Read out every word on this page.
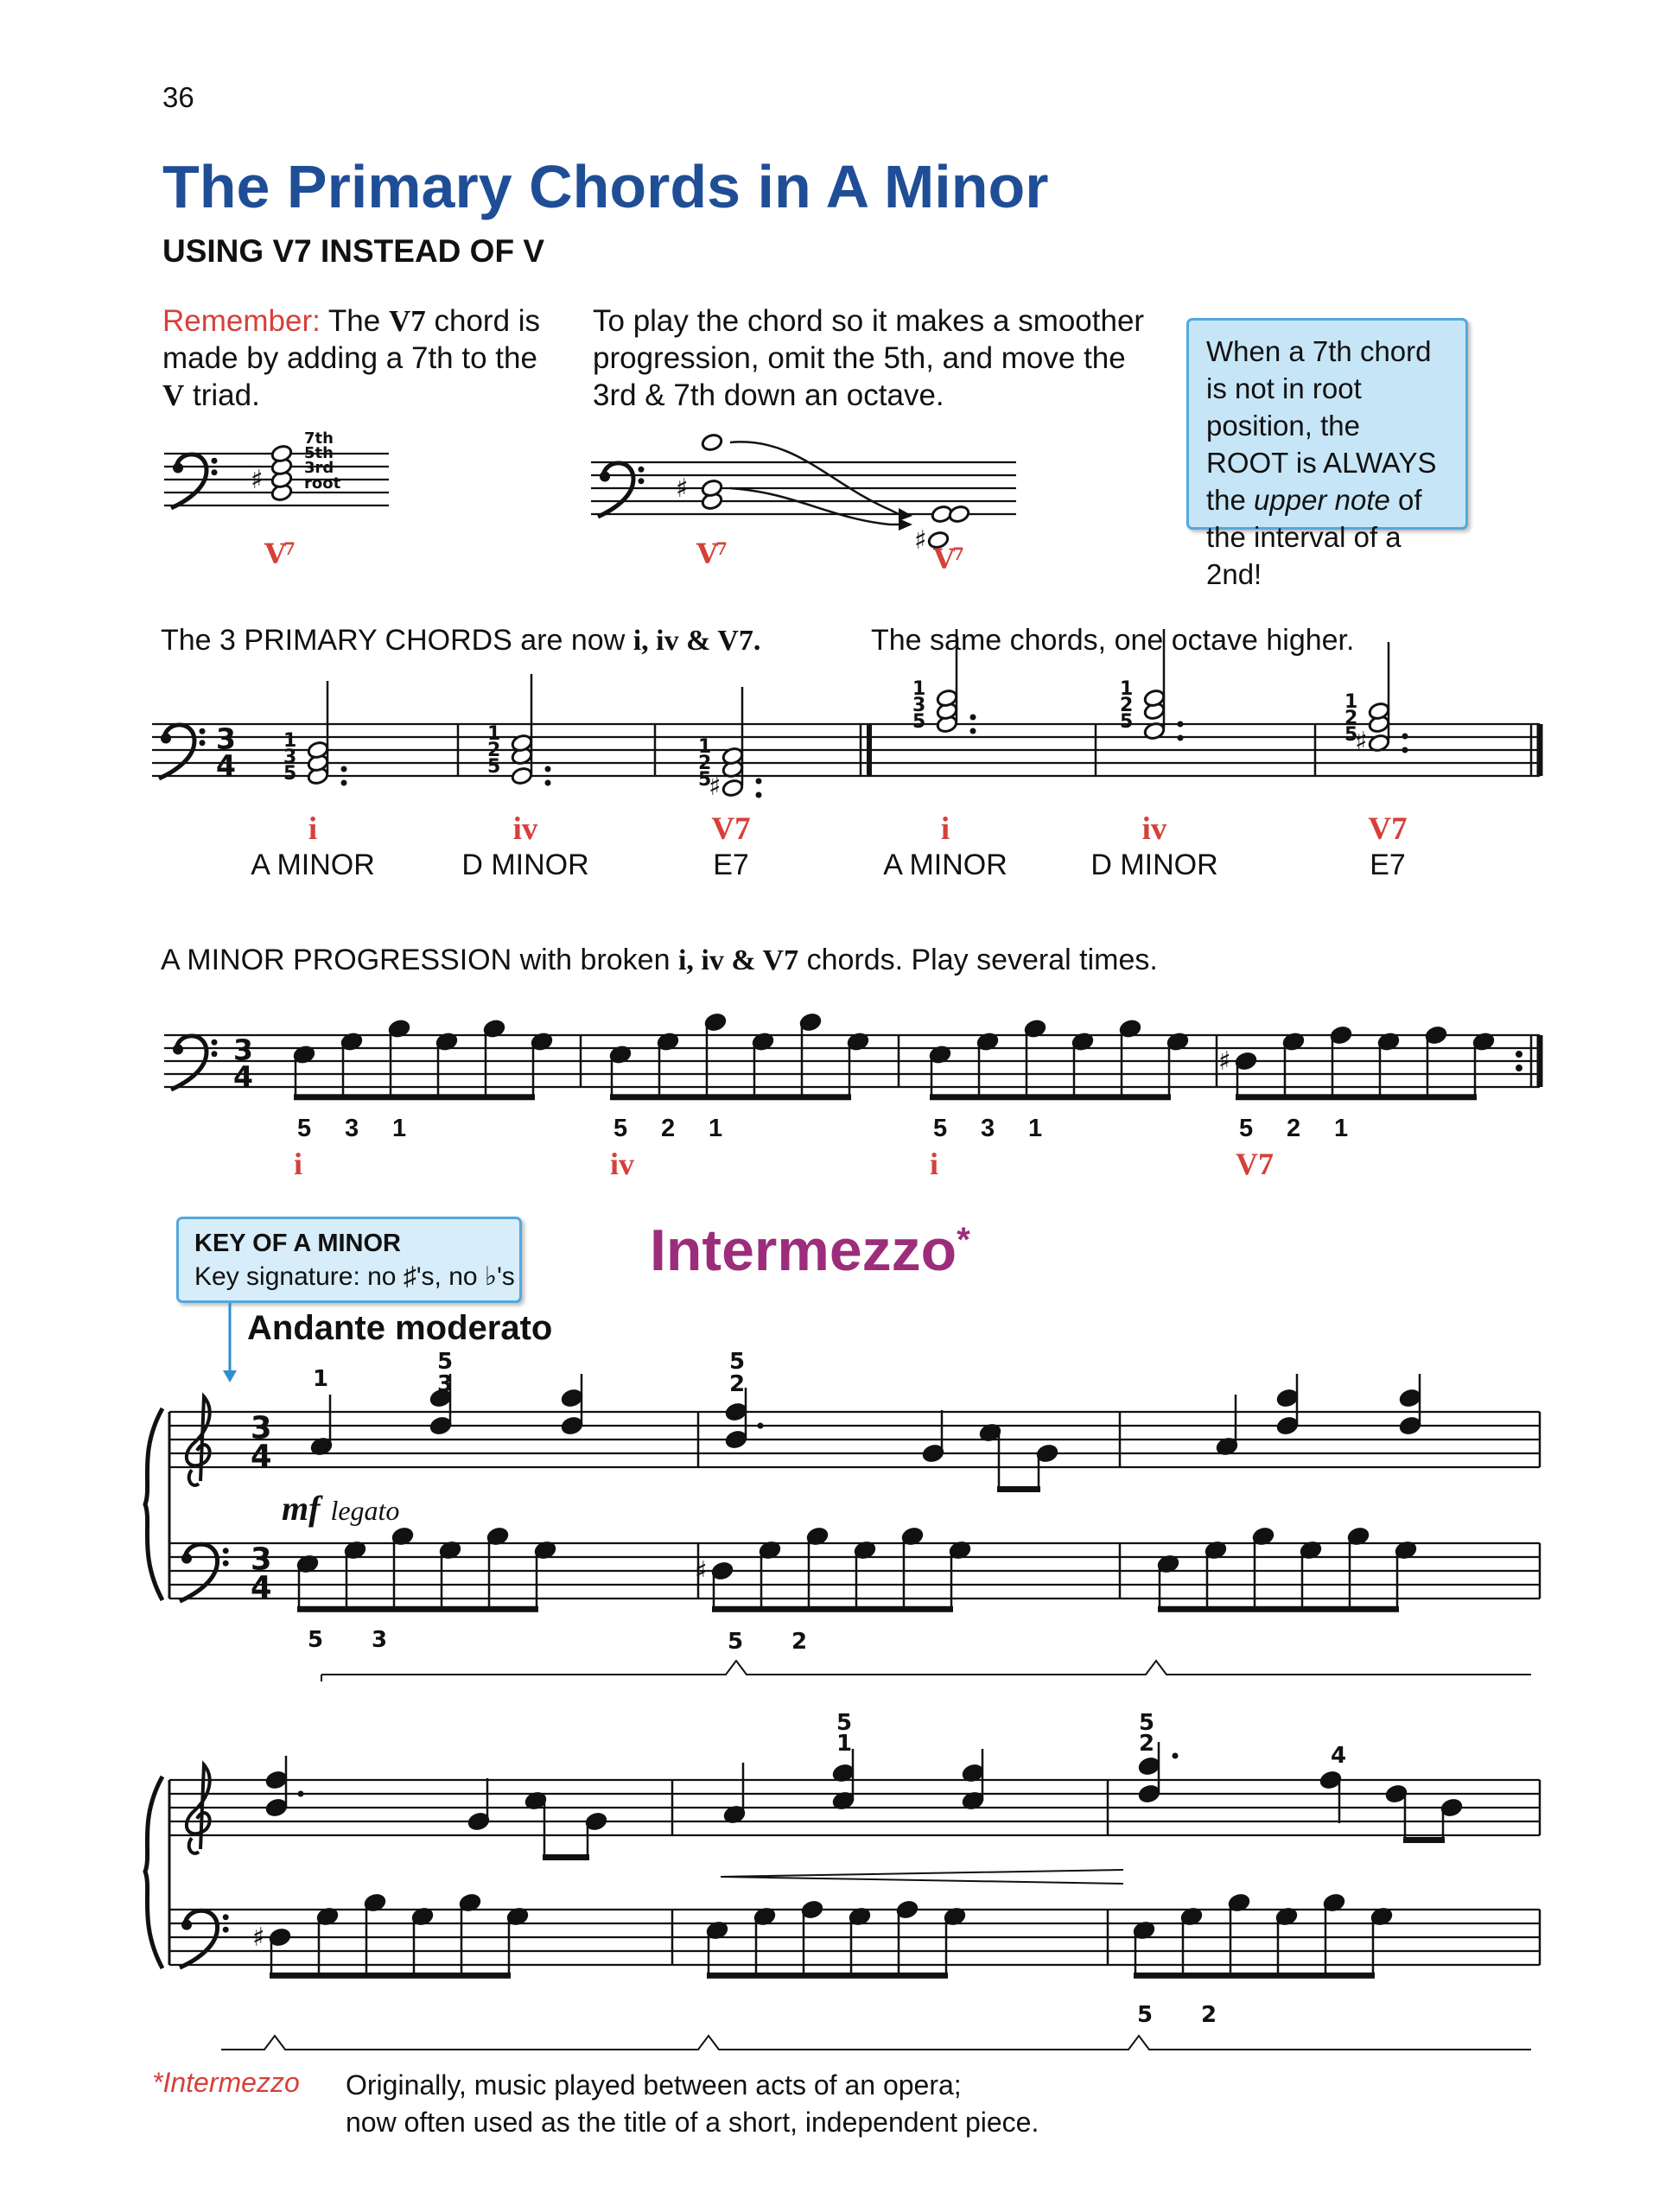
36
The Primary Chords in A Minor
USING V7 INSTEAD OF V
Remember: The V7 chord is made by adding a 7th to the V triad.
To play the chord so it makes a smoother progression, omit the 5th, and move the 3rd & 7th down an octave.
When a 7th chord is not in root position, the ROOT is ALWAYS the upper note of the interval of a 2nd!
The 3 PRIMARY CHORDS are now i, iv & V7.	The same chords, one octave higher.
i
A MINOR
iv
D MINOR
V7
E7
i
A MINOR
iv
D MINOR
V7
E7
A MINOR PROGRESSION with broken i, iv & V7 chords. Play several times.
5 3 1
i
5 2 1
iv
5 3 1
i
5 2 1
V7
KEY OF A MINOR
Key signature: no ♯'s, no ♭'s Intermezzo*
Andante moderato
mf legato
*Intermezzo Originally, music played between acts of an opera;
now often used as the title of a short, independent piece.
♯
7th
5th
3rd
root
V
7
♯
♯
V
7	V
7
3
4
1
3
5
1
2
5
1
2
5
♯
1
3
5
1
2
5
1
2
5
♯
3
4	♯
3
4
3
4
1
5
3
5
2
♯
5 3	5 2
5
1
5
2	4
♯
5 2
